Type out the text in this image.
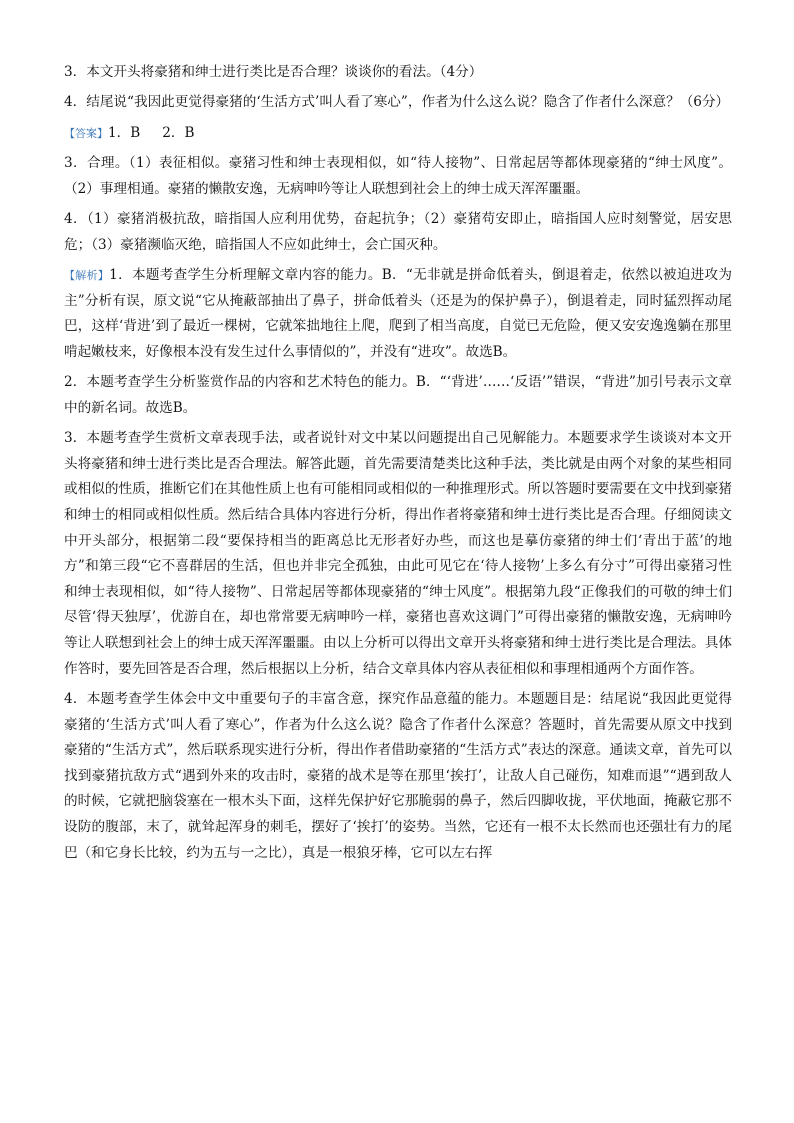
3．本文开头将豪猪和绅士进行类比是否合理？谈谈你的看法。（4分）

4．结尾说“我因此更觉得豪猪的‘生活方式’叫人看了寒心”，作者为什么这么说？隐含了作者什么深意？（6分）

【答案】1．B 2．B

3．合理。（1）表征相似。豪猪习性和绅士表现相似，如“待人接物”、日常起居等都体现豪猪的“绅士风度”。（2）事理相通。豪猪的懒散安逸，无病呻吟等让人联想到社会上的绅士成天浑浑噩噩。

4．（1）豪猪消极抗敌，暗指国人应利用优势，奋起抗争；（2）豪猪苟安即止，暗指国人应时刻警觉，居安思危；（3）豪猪濒临灭绝，暗指国人不应如此绅士，会亡国灭种。

【解析】1．本题考查学生分析理解文章内容的能力。B．“无非就是拼命低着头，倒退着走，依然以被迫进攻为主”分析有误，原文说“它从掩蔽部抽出了鼻子，拼命低着头（还是为的保护鼻子），倒退着走，同时猛烈挥动尾巴，这样‘背进’到了最近一棵树，它就笨拙地往上爬，爬到了相当高度，自觉已无危险，便又安安逸逸躺在那里啃起嫩枝来，好像根本没有发生过什么事情似的”，并没有“进攻”。故选B。

2．本题考查学生分析鉴赏作品的内容和艺术特色的能力。B．“‘背进’……‘反语’”错误，“背进”加引号表示文章中的新名词。故选B。

3．本题考查学生赏析文章表现手法，或者说针对文中某以问题提出自己见解能力。本题要求学生谈谈对本文开头将豪猪和绅士进行类比是否合理法。解答此题，首先需要清楚类比这种手法，类比就是由两个对象的某些相同或相似的性质，推断它们在其他性质上也有可能相同或相似的一种推理形式。所以答题时要需要在文中找到豪猪和绅士的相同或相似性质。然后结合具体内容进行分析，得出作者将豪猪和绅士进行类比是否合理。仔细阅读文中开头部分，根据第二段“要保持相当的距离总比无形者好办些，而这也是摹仿豪猪的绅士们‘青出于蓝’的地方”和第三段“它不喜群居的生活，但也并非完全孤独，由此可见它在‘待人接物’上多么有分寸”可得出豪猪习性和绅士表现相似，如“待人接物”、日常起居等都体现豪猪的“绅士风度”。根据第九段“正像我们的可敬的绅士们尽管‘得天独厚’，优游自在，却也常常要无病呻吟一样，豪猪也喜欢这调门”可得出豪猪的懒散安逸，无病呻吟等让人联想到社会上的绅士成天浑浑噩噩。由以上分析可以得出文章开头将豪猪和绅士进行类比是合理法。具体作答时，要先回答是否合理，然后根据以上分析，结合文章具体内容从表征相似和事理相通两个方面作答。

4．本题考查学生体会中文中重要句子的丰富含意，探究作品意蕴的能力。本题题目是：结尾说“我因此更觉得豪猪的‘生活方式’叫人看了寒心”，作者为什么这么说？隐含了作者什么深意？答题时，首先需要从原文中找到豪猪的“生活方式”，然后联系现实进行分析，得出作者借助豪猪的“生活方式”表达的深意。通读文章，首先可以找到豪猪抗敌方式“遇到外来的攻击时，豪猪的战术是等在那里‘挨打’，让敌人自己碰伤，知难而退”“遇到敌人的时候，它就把脑袋塞在一根木头下面，这样先保护好它那脆弱的鼻子，然后四脚收拢，平伏地面，掩蔽它那不设防的腹部，末了，就耸起浑身的刺毛，摆好了‘挨打’的姿势。当然，它还有一根不太长然而也还强壮有力的尾巴（和它身长比较，约为五与一之比），真是一根狼牙棒，它可以左右挥
